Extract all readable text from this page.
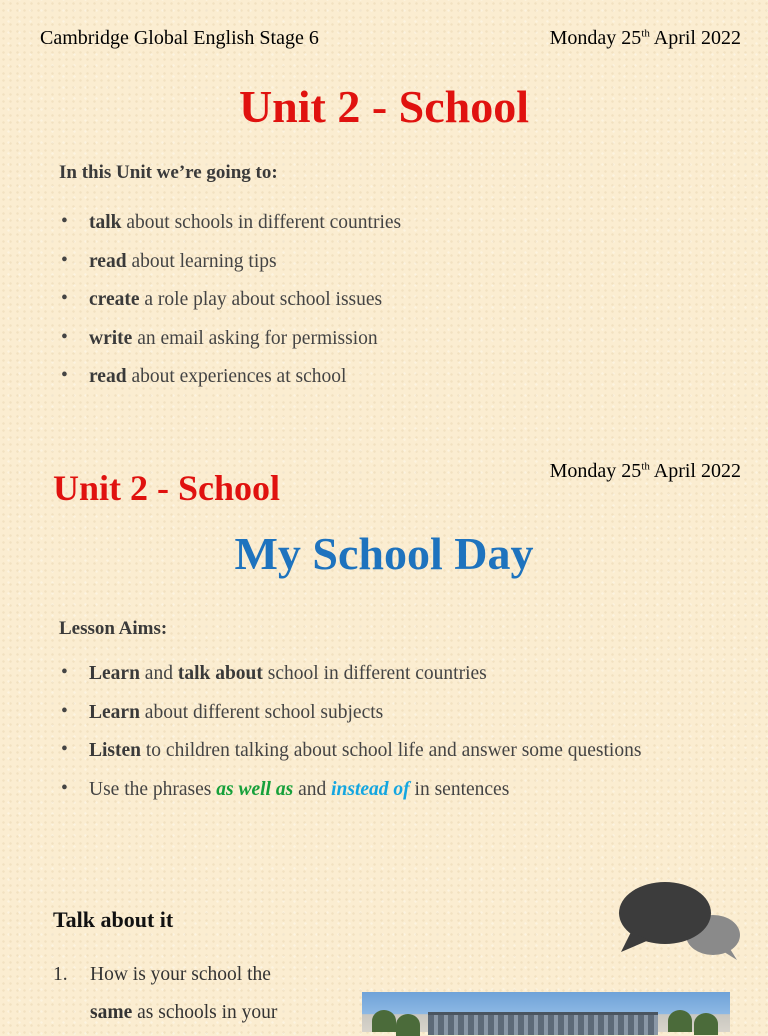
Cambridge Global English Stage 6	Monday 25th April 2022
Unit 2 - School
In this Unit we’re going to:
• talk about schools in different countries
• read about learning tips
• create a role play about school issues
• write an email asking for permission
• read about experiences at school
Unit 2 - School	Monday 25th April 2022
My School Day
Lesson Aims:
• Learn and talk about school in different countries
• Learn about different school subjects
• Listen to children talking about school life and answer some questions
• Use the phrases as well as and instead of in sentences
Talk about it
1. How is your school the
same as schools in your
